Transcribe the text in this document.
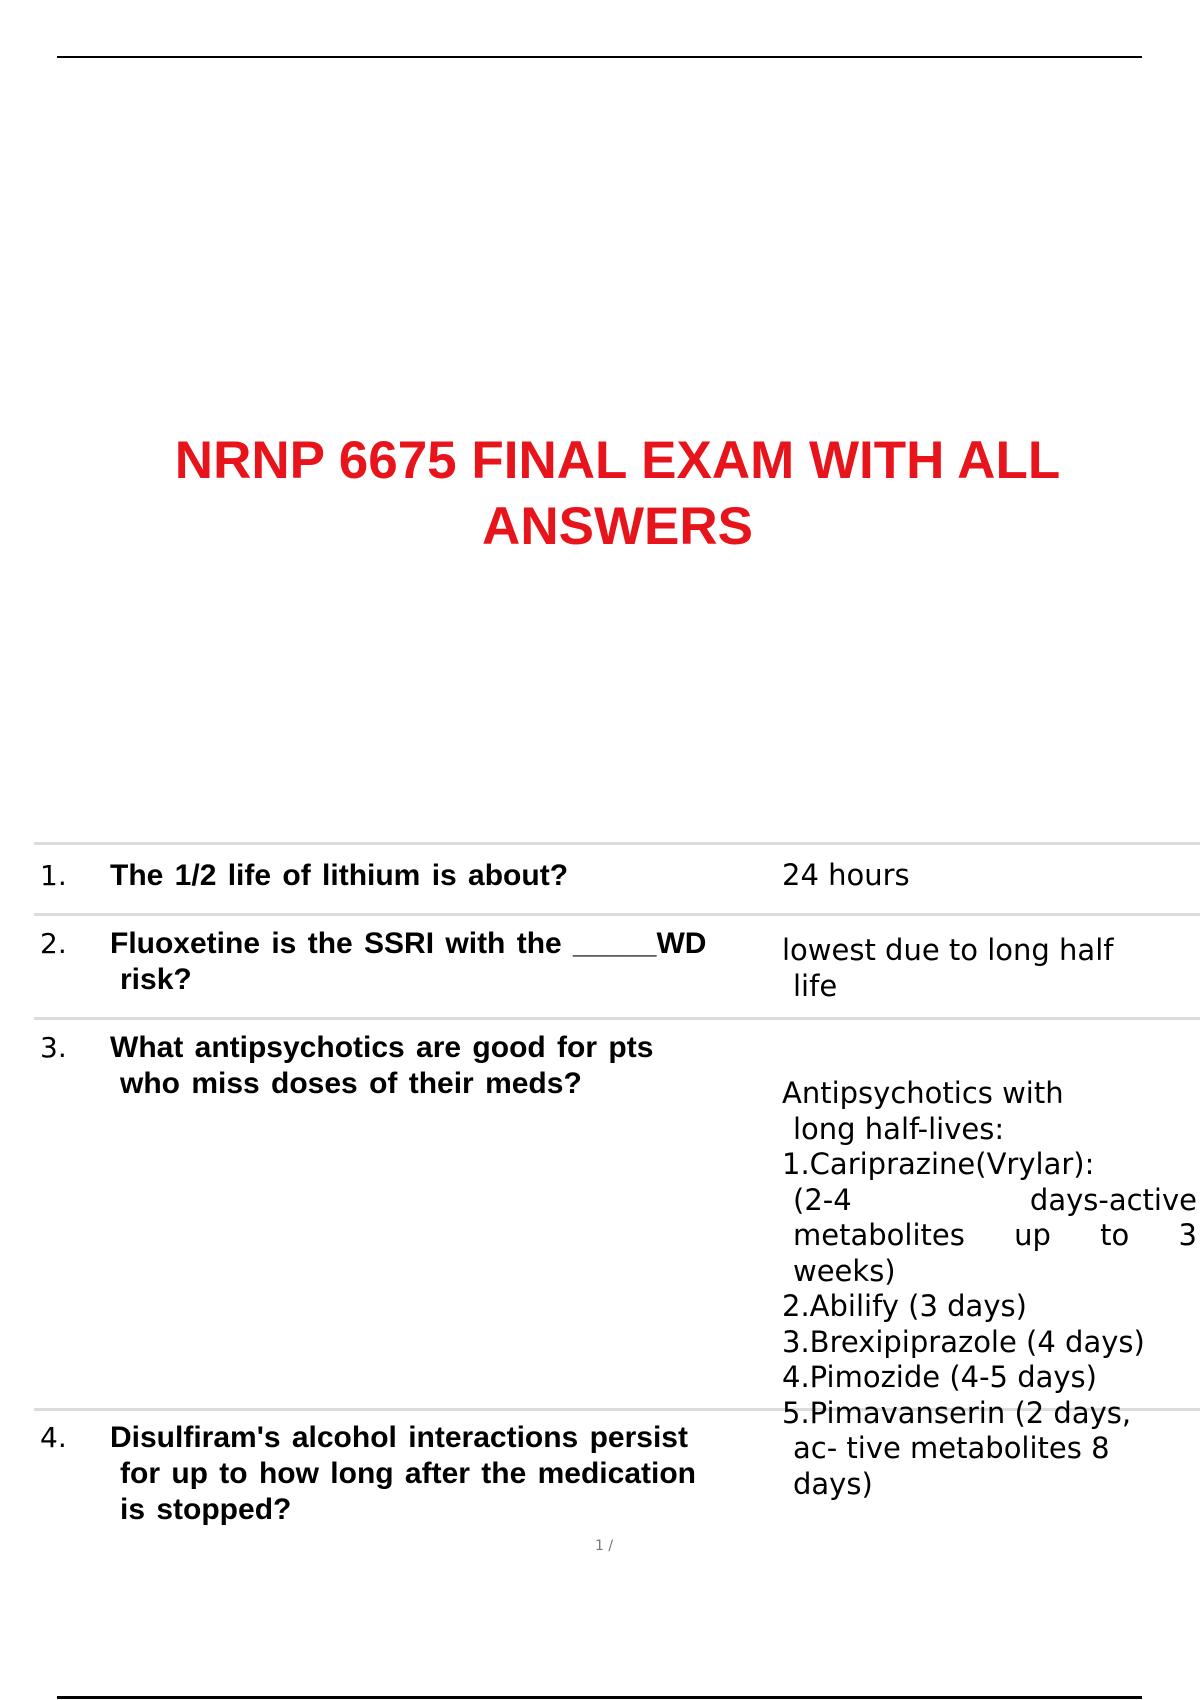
NRNP 6675 FINAL EXAM WITH ALL
ANSWERS
1. The 1/2 life of lithium is about?	24 hours
2. Fluoxetine is the SSRI with the _____WD
risk?
lowest due to long half
life
3. What antipsychotics are good for pts
who miss doses of their meds?	Antipsychotics with
long half-lives:
1.Cariprazine(Vrylar):
(2-4 days-active
metabolites up to 3
weeks)
2.Abilify (3 days)
3.Brexipiprazole (4 days)
4.Pimozide (4-5 days)
5.Pimavanserin (2 days,
ac- tive metabolites 8
days)
4. Disulfiram's alcohol interactions persist
for up to how long after the medication
is stopped?
1 /
